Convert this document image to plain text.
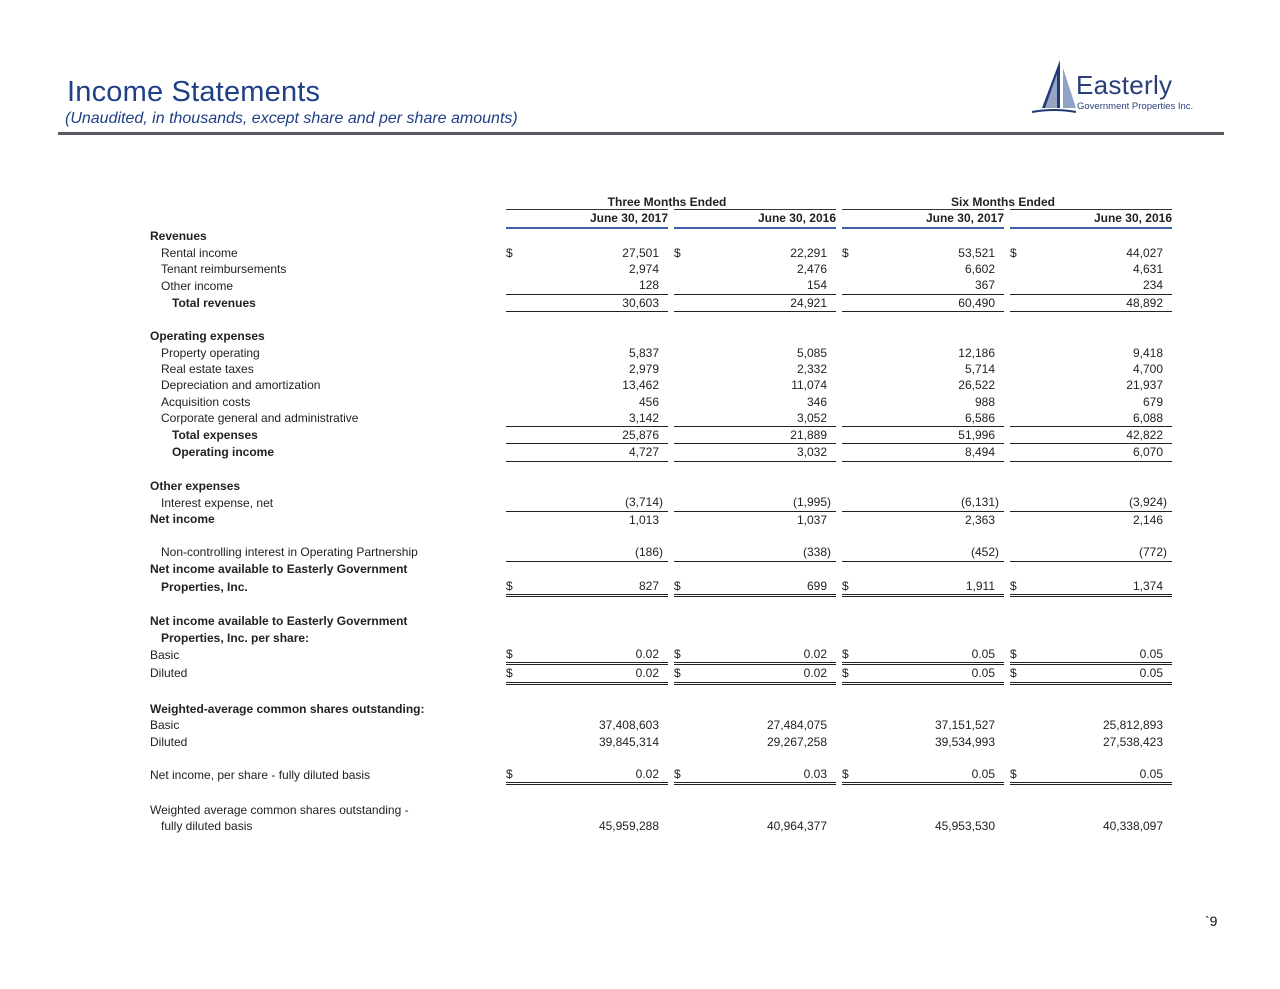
Income Statements

(Unaudited, in thousands, except share and per share amounts)

Easterly
Government Properties Inc.

	June 30, 2017				June 30, 2016				June 30, 2017				June 30, 2016		
Revenues															
Rental income	$	27,501			$	22,291			$	53,521			$	44,027	
Tenant reimbursements		2,974				2,476				6,602				4,631	
Other income		128				154				367				234	
Total revenues		30,603				24,921				60,490				48,892	

Operating expenses															
Property operating		5,837				5,085				12,186				9,418	
Real estate taxes		2,979				2,332				5,714				4,700	
Depreciation and amortization		13,462				11,074				26,522				21,937	
Acquisition costs		456				346				988				679	
Corporate general and administrative		3,142				3,052				6,586				6,088	
Total expenses		25,876				21,889				51,996				42,822	
Operating income		4,727				3,032				8,494				6,070	

Other expenses															
Interest expense, net		(3,714	)			(1,995	)			(6,131	)			(3,924	)
Net income		1,013				1,037				2,363				2,146	

Non-controlling interest in Operating Partnership		(186	)			(338	)			(452	)			(772	)
Net income available to Easterly Government															
Properties, Inc.	$	827			$	699			$	1,911			$	1,374	

Net income available to Easterly Government															
Properties, Inc. per share:															
Basic	$	0.02			$	0.02			$	0.05			$	0.05	
Diluted	$	0.02			$	0.02			$	0.05			$	0.05	

Weighted-average common shares outstanding:															
Basic		37,408,603				27,484,075				37,151,527				25,812,893	
Diluted		39,845,314				29,267,258				39,534,993				27,538,423	

Net income, per share - fully diluted basis	$	0.02			$	0.03			$	0.05			$	0.05	

Weighted average common shares outstanding -															
fully diluted basis		45,959,288				40,964,377				45,953,530				40,338,097	
Three Months Ended	Six Months Ended
`9
